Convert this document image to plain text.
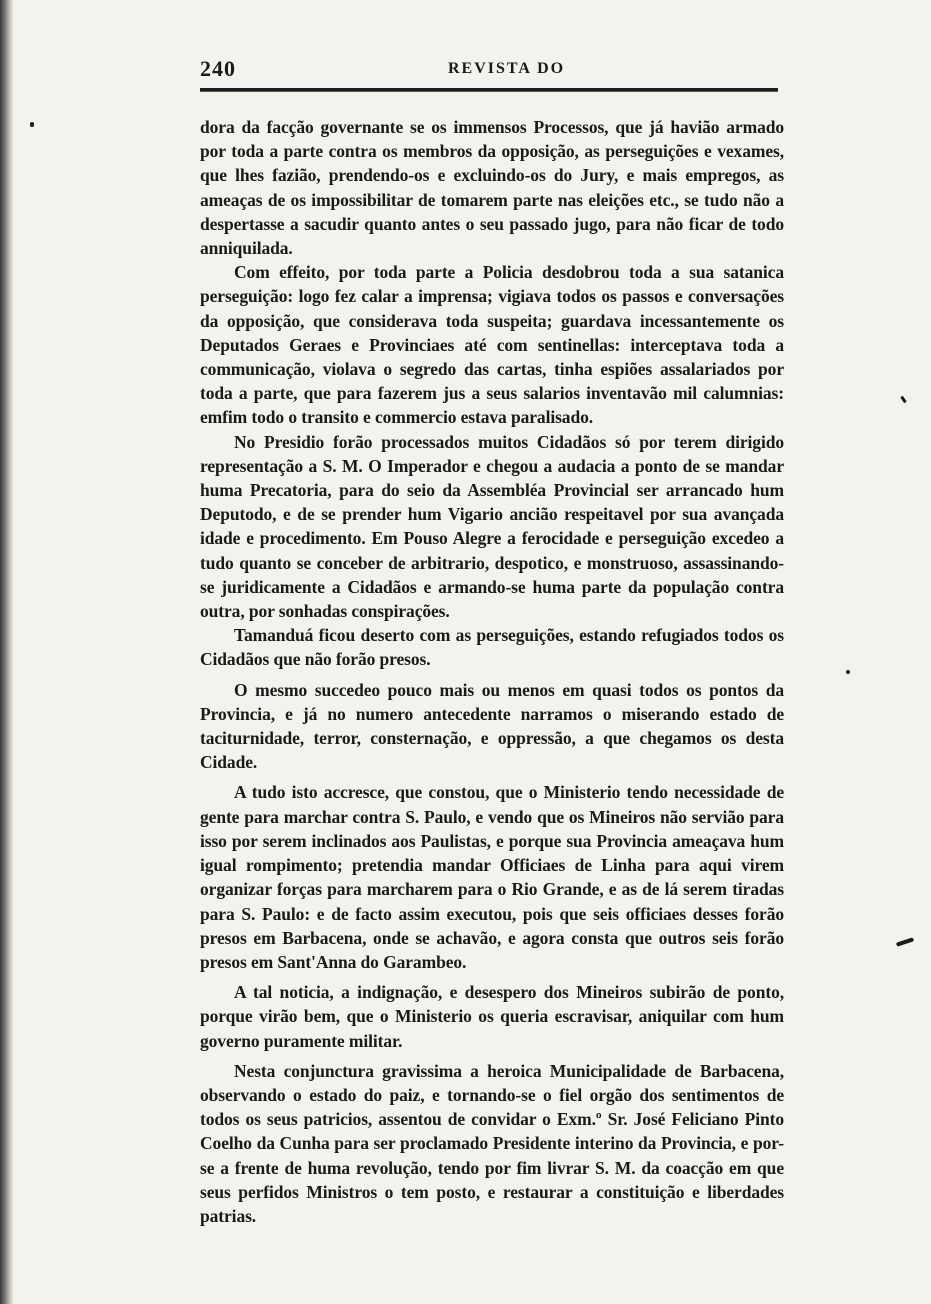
240	REVISTA DO

dora da facção governante se os immensos Processos, que já havião armado por toda a parte contra os membros da opposição, as perseguições e vexames, que lhes fazião, prendendo-os e excluindo-os do Jury, e mais empregos, as ameaças de os impossibilitar de tomarem parte nas eleições etc., se tudo não a despertasse a sacudir quanto antes o seu passado jugo, para não ficar de todo anniquilada.

Com effeito, por toda parte a Policia desdobrou toda a sua satanica perseguição: logo fez calar a imprensa; vigiava todos os passos e conversações da opposição, que considerava toda suspeita; guardava incessantemente os Deputados Geraes e Provinciaes até com sentinellas: interceptava toda a communicação, violava o segredo das cartas, tinha espiões assalariados por toda a parte, que para fazerem jus a seus salarios inventavão mil calumnias: emfim todo o transito e commercio estava paralisado.

No Presidio forão processados muitos Cidadãos só por terem dirigido representação a S. M. O Imperador e chegou a audacia a ponto de se mandar huma Precatoria, para do seio da Assembléa Provincial ser arrancado hum Deputodo, e de se prender hum Vigario ancião respeitavel por sua avançada idade e procedimento. Em Pouso Alegre a ferocidade e perseguição excedeo a tudo quanto se conceber de arbitrario, despotico, e monstruoso, assassinando-se juridicamente a Cidadãos e armando-se huma parte da população contra outra, por sonhadas conspirações.

Tamanduá ficou deserto com as perseguições, estando refugiados todos os Cidadãos que não forão presos.

O mesmo succedeo pouco mais ou menos em quasi todos os pontos da Provincia, e já no numero antecedente narramos o miserando estado de taciturnidade, terror, consternação, e oppressão, a que chegamos os desta Cidade.

A tudo isto accresce, que constou, que o Ministerio tendo necessidade de gente para marchar contra S. Paulo, e vendo que os Mineiros não servião para isso por serem inclinados aos Paulistas, e porque sua Provincia ameaçava hum igual rompimento; pretendia mandar Officiaes de Linha para aqui virem organizar forças para marcharem para o Rio Grande, e as de lá serem tiradas para S. Paulo: e de facto assim executou, pois que seis officiaes desses forão presos em Barbacena, onde se achavão, e agora consta que outros seis forão presos em Sant'Anna do Garambeo.

A tal noticia, a indignação, e desespero dos Mineiros subirão de ponto, porque virão bem, que o Ministerio os queria escravisar, aniquilar com hum governo puramente militar.

Nesta conjunctura gravissima a heroica Municipalidade de Barbacena, observando o estado do paiz, e tornando-se o fiel orgão dos sentimentos de todos os seus patricios, assentou de convidar o Exm.º Sr. José Feliciano Pinto Coelho da Cunha para ser proclamado Presidente interino da Provincia, e por-se a frente de huma revolução, tendo por fim livrar S. M. da coacção em que seus perfidos Ministros o tem posto, e restaurar a constituição e liberdades patrias.
